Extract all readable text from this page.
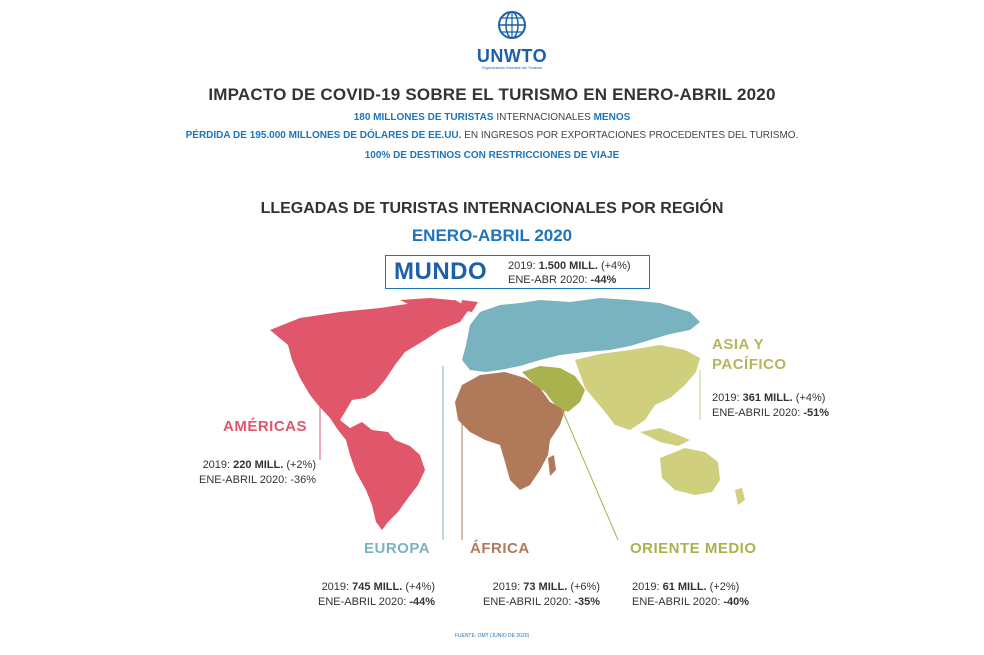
UNWTO
Organización Mundial del Turismo
IMPACTO DE COVID-19 SOBRE EL TURISMO EN ENERO-ABRIL 2020
180 MILLONES DE TURISTAS INTERNACIONALES MENOS
PÉRDIDA DE 195.000 MILLONES DE DÓLARES DE EE.UU. EN INGRESOS POR EXPORTACIONES PROCEDENTES DEL TURISMO.
100% DE DESTINOS CON RESTRICCIONES DE VIAJE
LLEGADAS DE TURISTAS INTERNACIONALES POR REGIÓN
ENERO-ABRIL 2020
MUNDO 2019: 1.500 MILL. (+4%)
ENE-ABR 2020: -44%
AMÉRICAS
2019: 220 MILL. (+2%)
ENE-ABRIL 2020: -36%
EUROPA
2019: 745 MILL. (+4%)
ENE-ABRIL 2020: -44%
ÁFRICA
2019: 73 MILL. (+6%)
ENE-ABRIL 2020: -35%
ORIENTE MEDIO
2019: 61 MILL. (+2%)
ENE-ABRIL 2020: -40%
ASIA Y
PACÍFICO
2019: 361 MILL. (+4%)
ENE-ABRIL 2020: -51%
FUENTE: OMT (JUNIO DE 2020)
